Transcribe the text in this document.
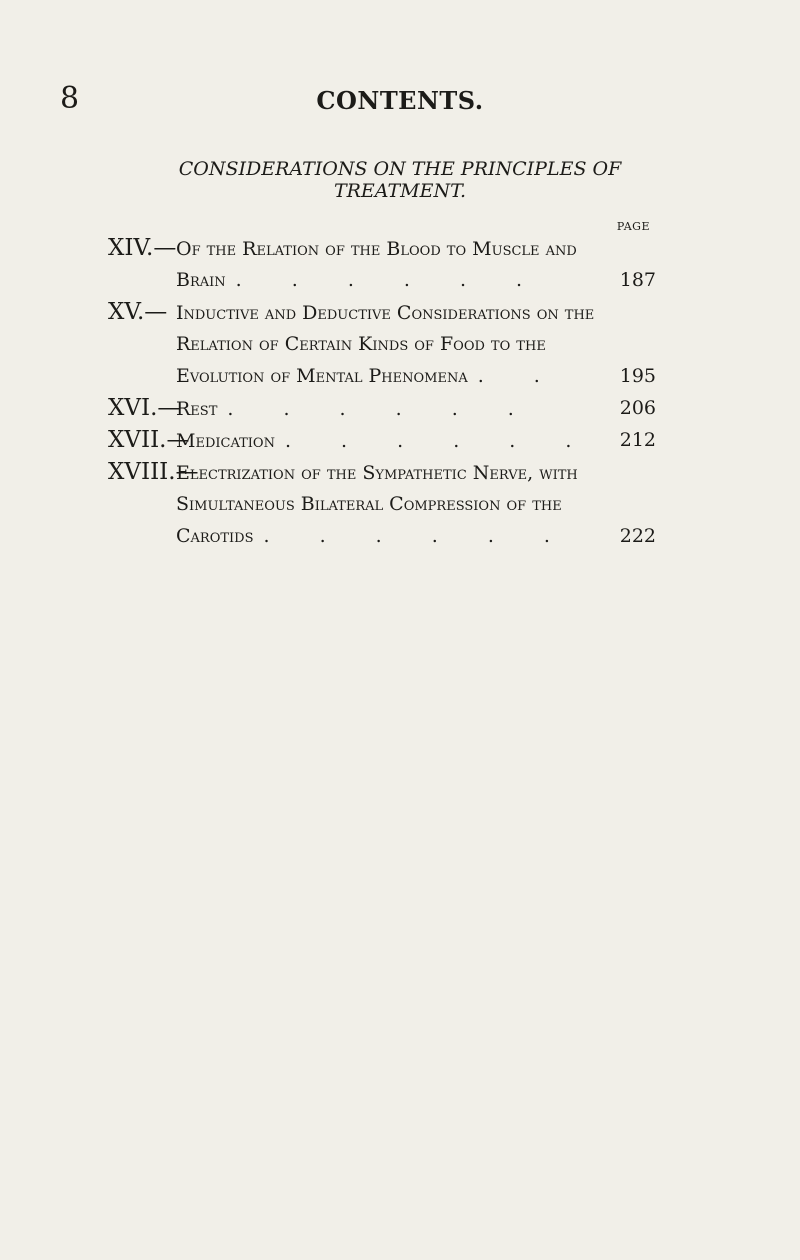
8	CONTENTS.
CONSIDERATIONS ON THE PRINCIPLES OF
TREATMENT.
PAGE
XIV.—Of the Relation of the Blood to Muscle and
Brain . . . . . .	187
XV.— Inductive and Deductive Considerations on the
Relation of Certain Kinds of Food to the
Evolution of Mental Phenomena . .	195
XVI.—Rest . . . . . .	206
XVII.—Medication . . . . . . 212
XVIII.—Electrization of the Sympathetic Nerve, with
Simultaneous Bilateral Compression of the
Carotids . . . . . .	222
